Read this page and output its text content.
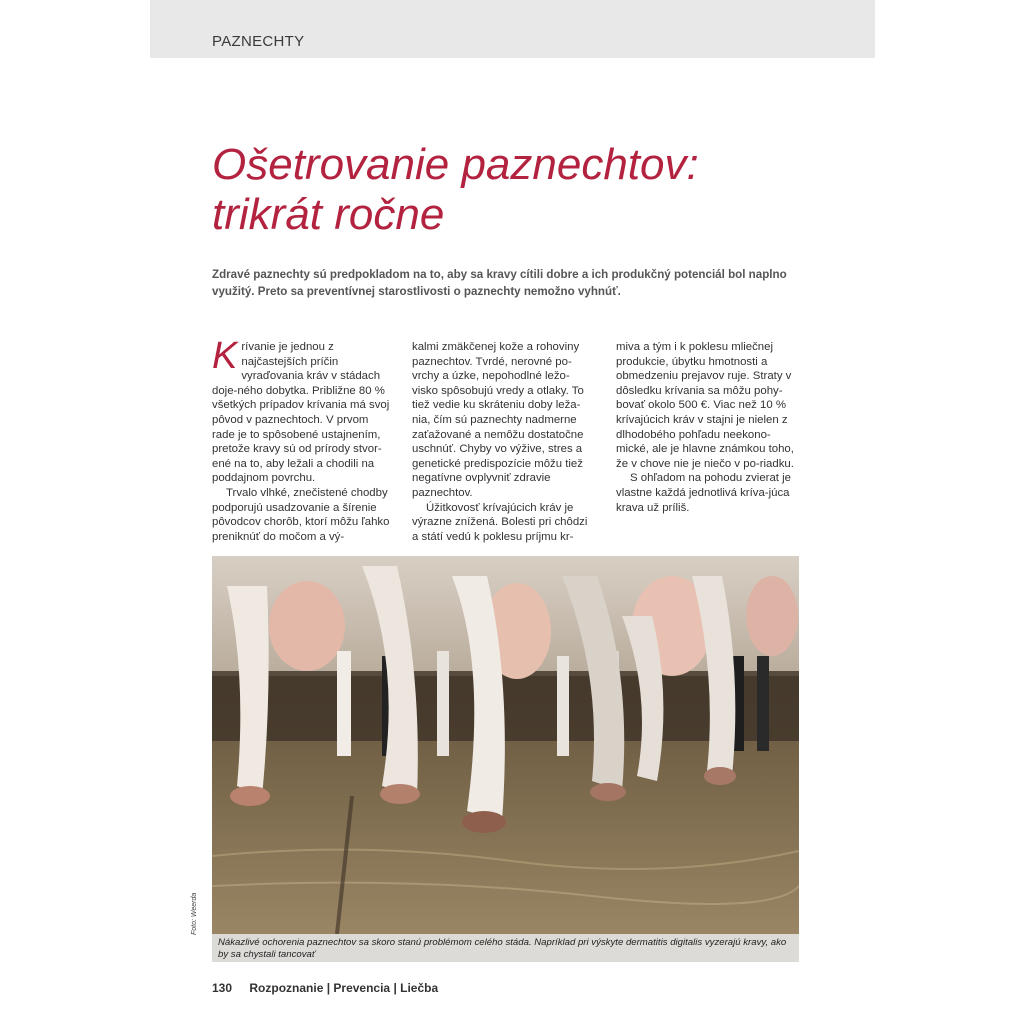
PAZNECHTY
Ošetrovanie paznechtov:
trikrát ročne

Zdravé paznechty sú predpokladom na to, aby sa kravy cítili dobre a ich produkčný potenciál bol naplno využitý. Preto sa preventívnej starostlivosti o paznechty nemožno vyhnúť.

Krívanie je jednou z najčastejších príčin vyraďovania kráv v stádach doje-ného dobytka. Približne 80 % všetkých prípadov krívania má svoj pôvod v paznechtoch. V prvom rade je to spôsobené ustajnením, pretože kravy sú od prírody stvor-ené na to, aby ležali a chodili na poddajnom povrchu.

Trvalo vlhké, znečistené chodby podporujú usadzovanie a šírenie pôvodcov chorôb, ktorí môžu ľahko preniknúť do močom a vý-

kalmi zmäkčenej kože a rohoviny paznechtov. Tvrdé, nerovné po-vrchy a úzke, nepohodlné ležo-visko spôsobujú vredy a otlaky. To tiež vedie ku skráteniu doby leža-nia, čím sú paznechty nadmerne zaťažované a nemôžu dostatočne uschnúť. Chyby vo výžive, stres a genetické predispozície môžu tiež negatívne ovplyvniť zdravie paznechtov.

Úžitkovosť krívajúcich kráv je výrazne znížená. Bolesti pri chôdzi a státí vedú k poklesu príjmu kr-

miva a tým i k poklesu mliečnej produkcie, úbytku hmotnosti a obmedzeniu prejavov ruje. Straty v dôsledku krívania sa môžu pohy-bovať okolo 500 €. Viac než 10 % krívajúcich kráv v stajni je nielen z dlhodobého pohľadu neekono-mické, ale je hlavne známkou toho, že v chove nie je niečo v po-riadku.

S ohľadom na pohodu zvierat je vlastne každá jednotlivá kríva-júca krava už príliš.

Foto: Weerda
Nákazlivé ochorenia paznechtov sa skoro stanú problémom celého stáda. Napríklad pri výskyte dermatitis digitalis vyzerajú kravy, ako by sa chystali tancovať
130 Rozpoznanie | Prevencia | Liečba
